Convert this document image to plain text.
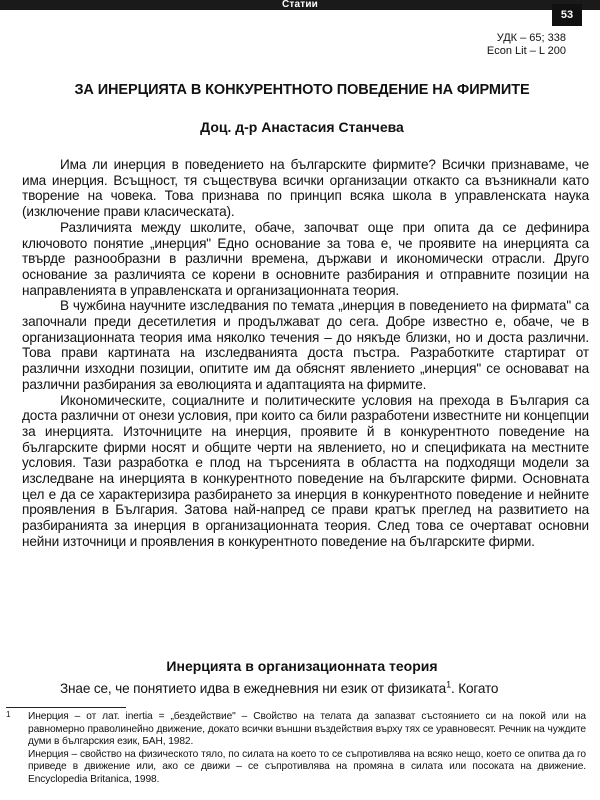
Статии
53
УДК – 65; 338
Econ Lit – L 200
ЗА ИНЕРЦИЯТА В КОНКУРЕНТНОТО ПОВЕДЕНИЕ НА ФИРМИТЕ
Доц. д-р Анастасия Станчева

Има ли инерция в поведението на българските фирмите? Всички признаваме, че има инерция. Всъщност, тя съществува всички организации откакто са възникнали като творение на човека. Това признава по принцип всяка школа в управленската наука (изключение прави класическата).

Различията между школите, обаче, започват още при опита да се дефинира ключовото понятие „инерция" Едно основание за това е, че проявите на инерцията са твърде разнообразни в различни времена, държави и икономически отрасли. Друго основание за различията се корени в основните разбирания и отправните позиции на направленията в управленската и организационната теория.

В чужбина научните изследвания по темата „инерция в поведението на фирмата" са започнали преди десетилетия и продължават до сега. Добре известно е, обаче, че в организационната теория има няколко течения – до някъде близки, но и доста различни. Това прави картината на изследванията доста пъстра. Разработките стартират от различни изходни позиции, опитите им да обяснят явлението „инерция" се основават на различни разбирания за еволюцията и адаптацията на фирмите.

Икономическите, социалните и политическите условия на прехода в България са доста различни от онези условия, при които са били разработени известните ни концепции за инерцията. Източниците на инерция, проявите й в конкурентното поведение на българските фирми носят и общите черти на явлението, но и спецификата на местните условия. Тази разработка е плод на търсенията в областта на подходящи модели за изследване на инерцията в конкурентното поведение на българските фирми. Основната цел е да се характеризира разбирането за инерция в конкурентното поведение и нейните проявления в България. Затова най-напред се прави кратък преглед на развитието на разбиранията за инерция в организационната теория. След това се очертават основни нейни източници и проявления в конкурентното поведение на българските фирми.

Инерцията в организационната теория
Знае се, че понятието идва в ежедневния ни език от физиката$^1$. Когато

1 Инерция – от лат. inertia = „бездействие" – Свойство на телата да запазват състоянието си на покой или на равномерно праволинейно движение, докато всички външни въздействия върху тях се уравновесят. Речник на чуждите думи в българския език, БАН, 1982.

Инерция – свойство на физическото тяло, по силата на което то се съпротивлява на всяко нещо, което се опитва да го приведе в движение или, ако се движи – се съпротивлява на промяна в силата или посоката на движение. Encyclopedia Britanica, 1998.
